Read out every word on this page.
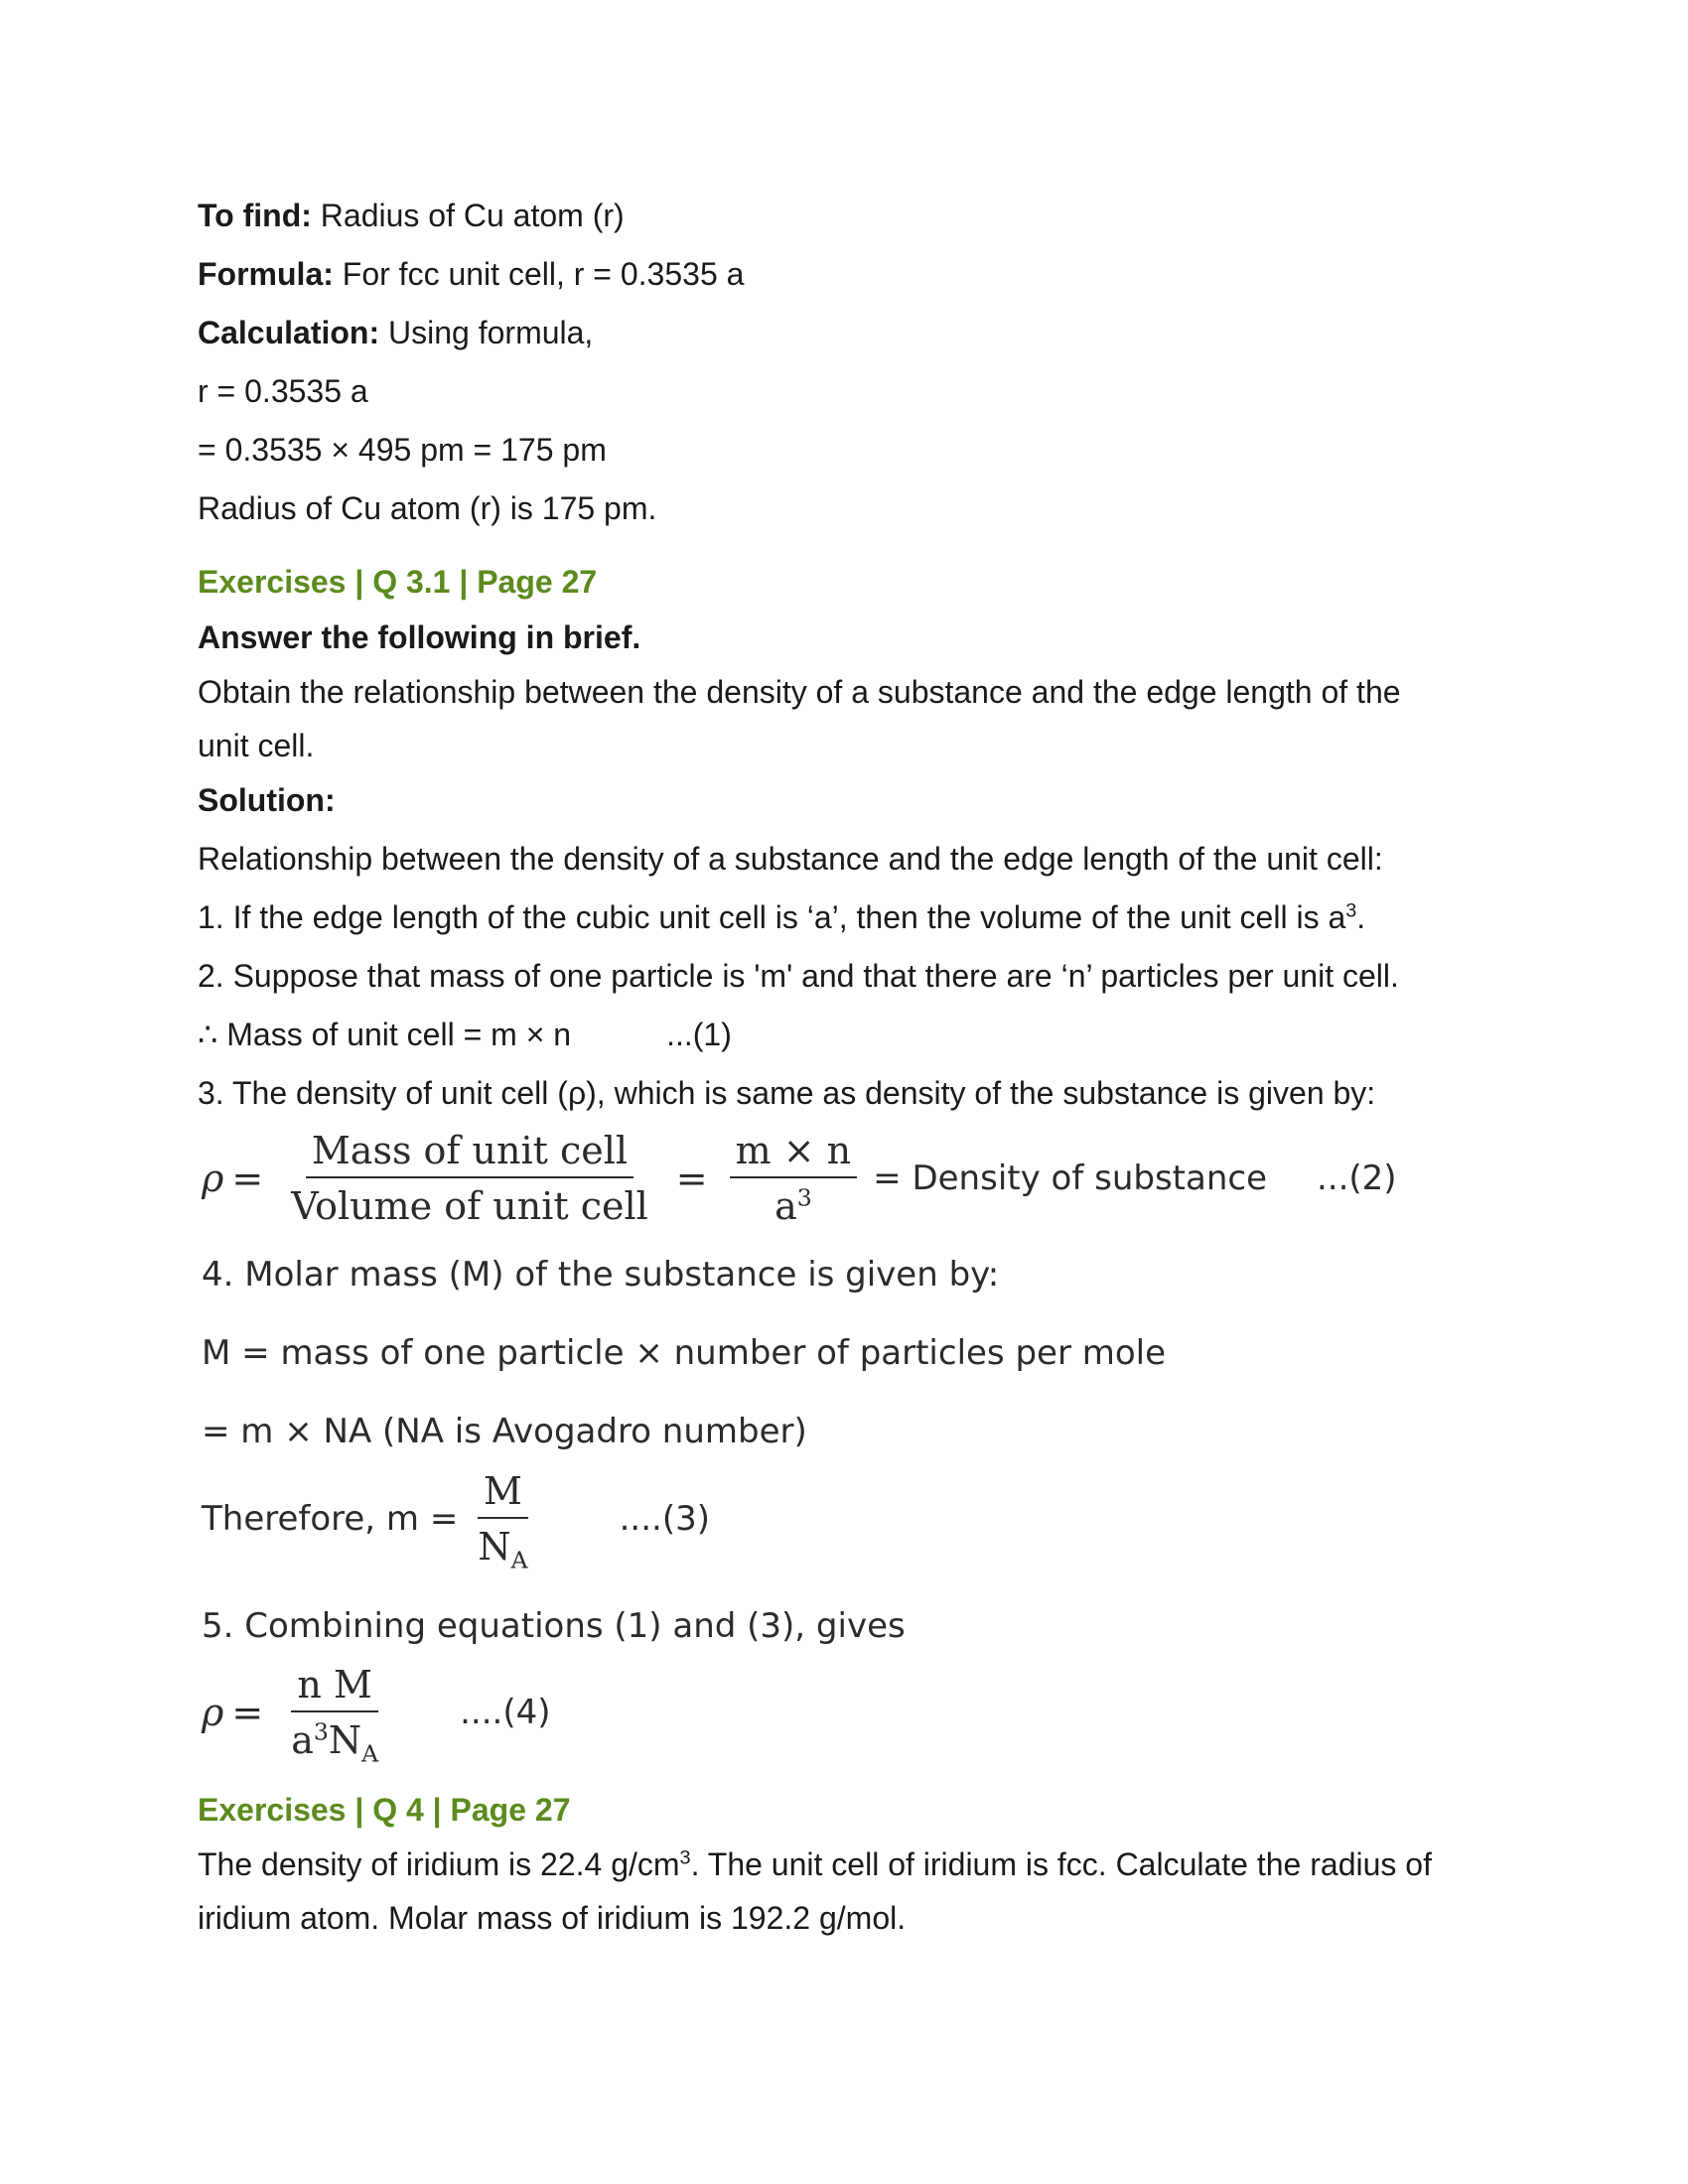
To find: Radius of Cu atom (r)

Formula: For fcc unit cell, r = 0.3535 a

Calculation: Using formula,

r = 0.3535 a

= 0.3535 × 495 pm = 175 pm

Radius of Cu atom (r) is 175 pm.

Exercises | Q 3.1 | Page 27

Answer the following in brief.

Obtain the relationship between the density of a substance and the edge length of the

unit cell.

Solution:

Relationship between the density of a substance and the edge length of the unit cell:

1. If the edge length of the cubic unit cell is ‘a’, then the volume of the unit cell is $a^3$.

2. Suppose that mass of one particle is 'm' and that there are ‘n’ particles per unit cell.

∴ Mass of unit cell = m × n	...(1)

3. The density of unit cell (ρ), which is same as density of the substance is given by:

$\rho = \frac{\text{Mass of unit cell}}{\text{Volume of unit cell}} = \frac{m \times n}{a^3}$ = Density of substance ...(2)

4. Molar mass (M) of the substance is given by:

M = mass of one particle × number of particles per mole

= m × NA (NA is Avogadro number)

Therefore, $m = \frac{M}{N_A}$	....(3)

5. Combining equations (1) and (3), gives

$\rho = \frac{\text{n M}}{a^3N_A} ....(4)$

Exercises | Q 4 | Page 27

The density of iridium is 22.4 $g/cm^3$. The unit cell of iridium is fcc. Calculate the radius of

iridium atom. Molar mass of iridium is 192.2 g/mol.
